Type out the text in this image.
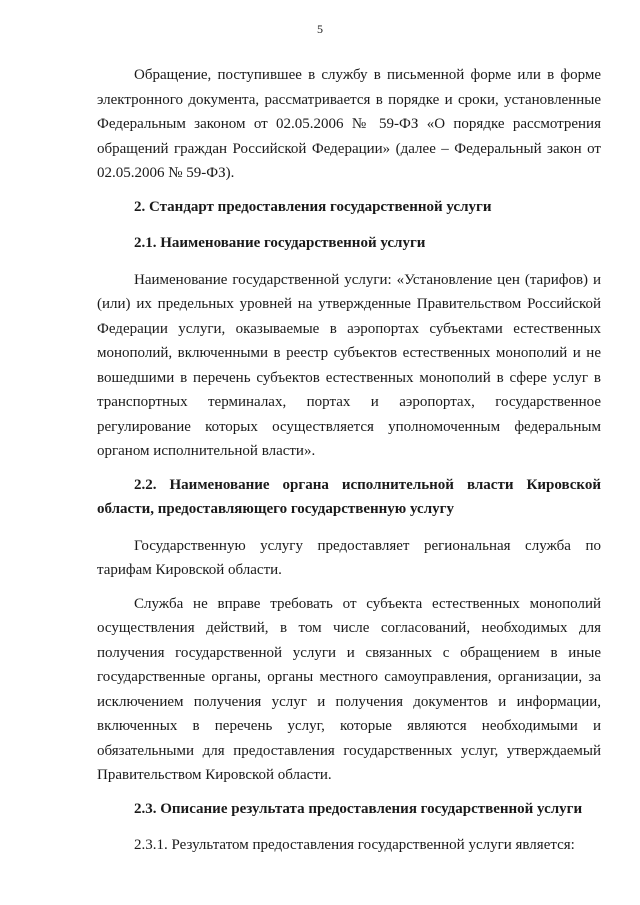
5

Обращение, поступившее в службу в письменной форме или в форме электронного документа, рассматривается в порядке и сроки, установленные Федеральным законом от 02.05.2006 № 59-ФЗ «О порядке рассмотрения обращений граждан Российской Федерации» (далее – Федеральный закон от 02.05.2006 № 59-ФЗ).

2. Стандарт предоставления государственной услуги

2.1. Наименование государственной услуги

Наименование государственной услуги: «Установление цен (тарифов) и (или) их предельных уровней на утвержденные Правительством Российской Федерации услуги, оказываемые в аэропортах субъектами естественных монополий, включенными в реестр субъектов естественных монополий и не вошедшими в перечень субъектов естественных монополий в сфере услуг в транспортных терминалах, портах и аэропортах, государственное регулирование которых осуществляется уполномоченным федеральным органом исполнительной власти».

2.2. Наименование органа исполнительной власти Кировской области, предоставляющего государственную услугу

Государственную услугу предоставляет региональная служба по тарифам Кировской области.

Служба не вправе требовать от субъекта естественных монополий осуществления действий, в том числе согласований, необходимых для получения государственной услуги и связанных с обращением в иные государственные органы, органы местного самоуправления, организации, за исключением получения услуг и получения документов и информации, включенных в перечень услуг, которые являются необходимыми и обязательными для предоставления государственных услуг, утверждаемый Правительством Кировской области.

2.3. Описание результата предоставления государственной услуги

2.3.1. Результатом предоставления государственной услуги является:
